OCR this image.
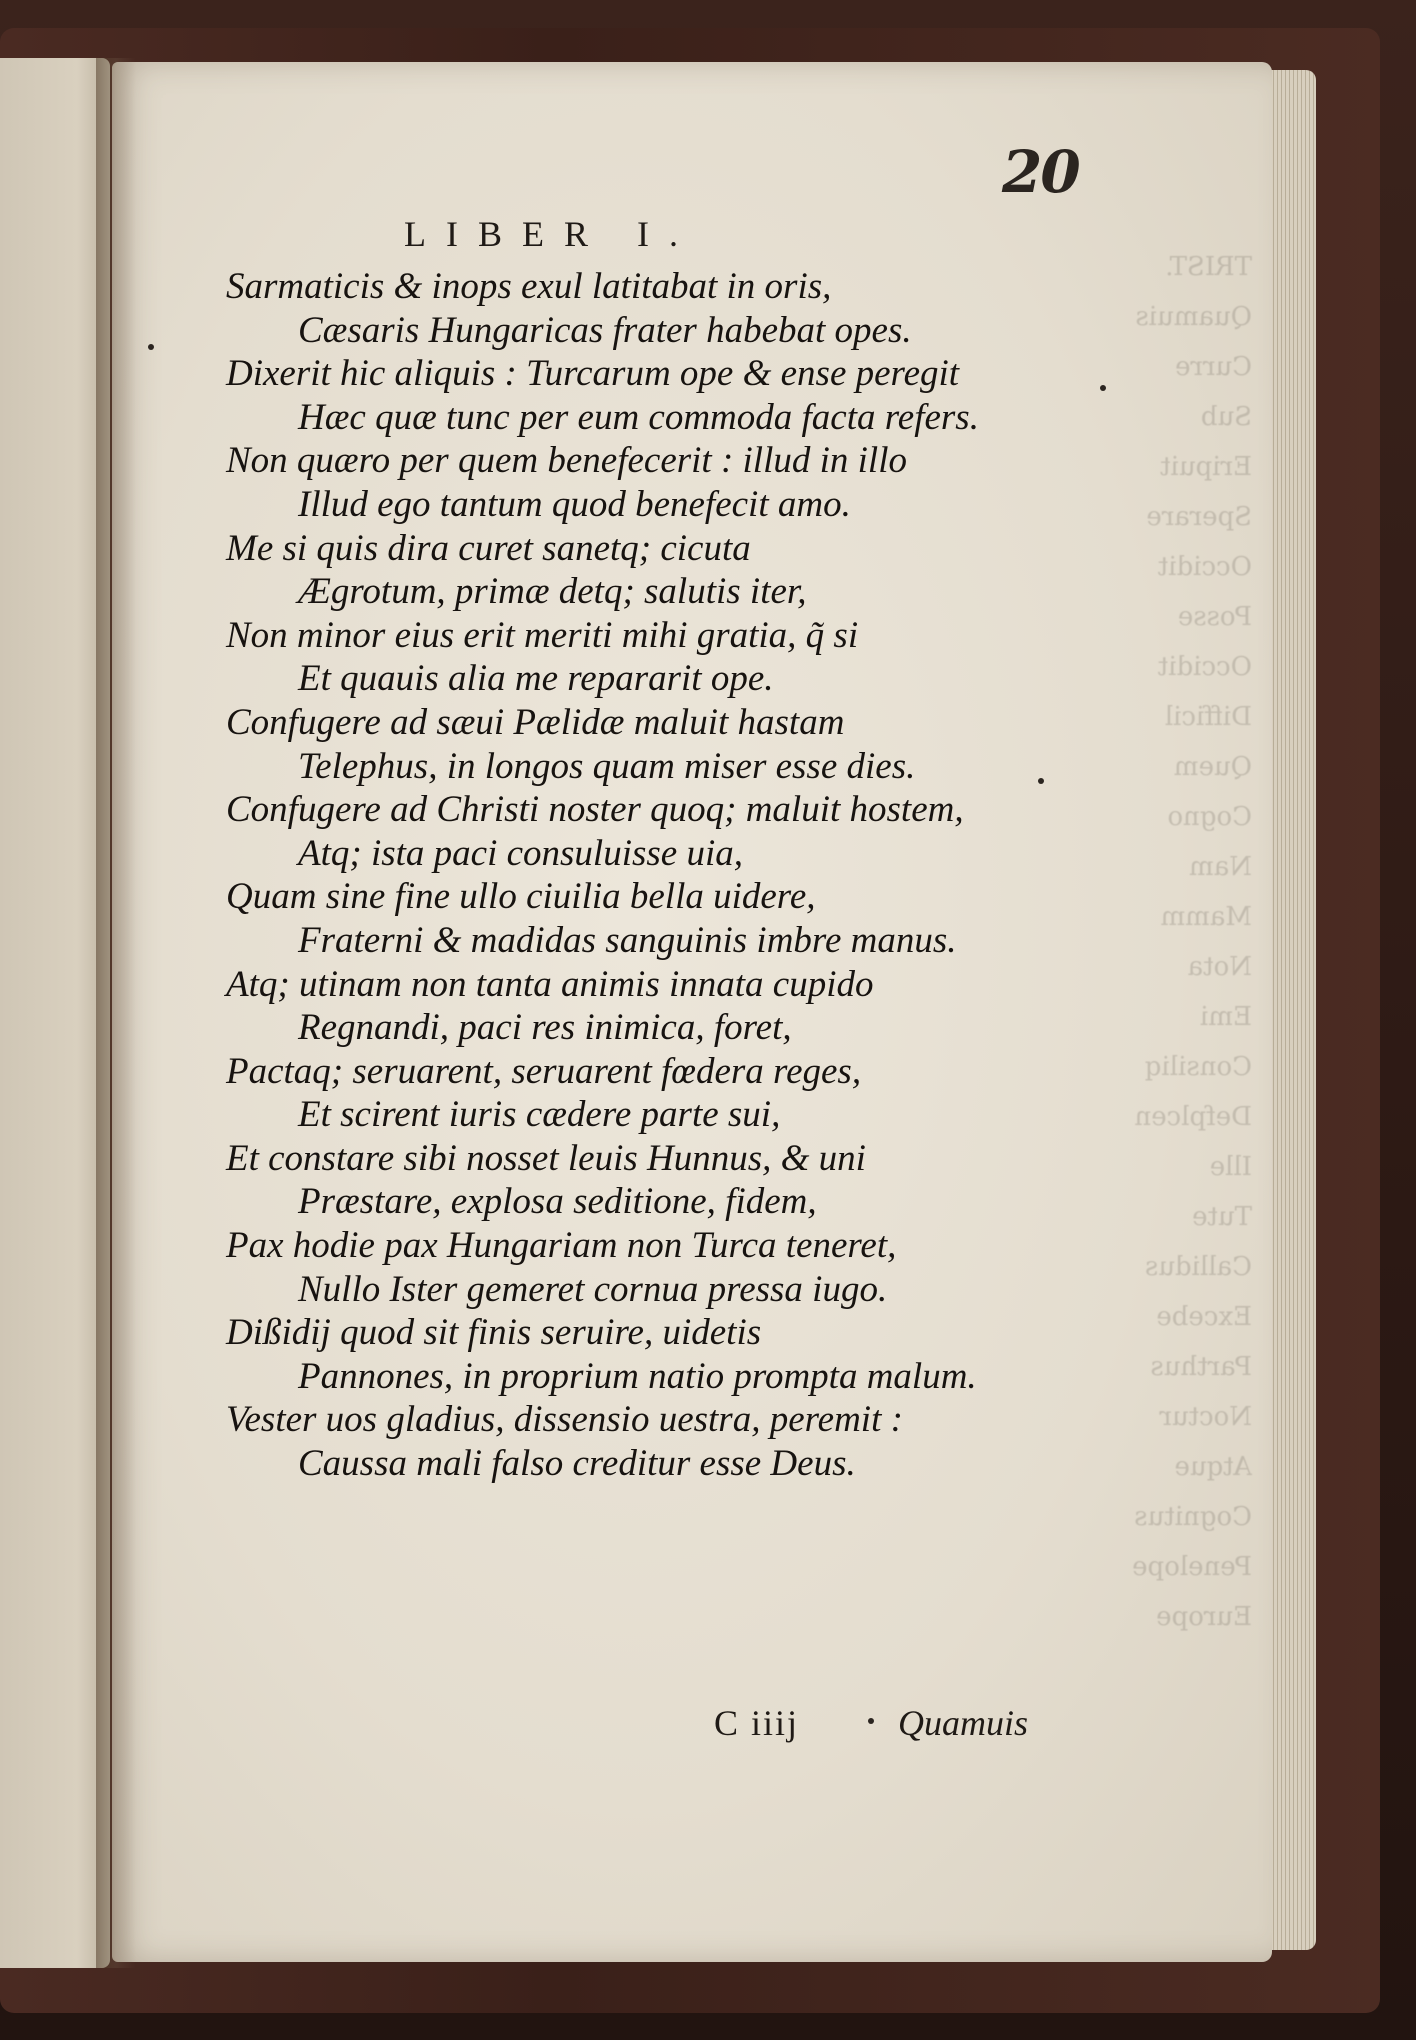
TRIST.
Quamuis
Curre
Sub
Eripuit
Sperare
Occidit
Posse
Occidit
Difficil
Quem
Cogno
Nam
Mamm
Nota
Emi
Consiliq
Defplcen
Ille
Tute
Callidus
Excebe
Parthus
Noctur
Atque
Cognitus
Penelope
Europe
20
LIBER I.
Sarmaticis & inops exul latitabat in oris,
Cæsaris Hungaricas frater habebat opes.
Dixerit hic aliquis : Turcarum ope & ense peregit
Hæc quæ tunc per eum commoda facta refers.
Non quæro per quem benefecerit : illud in illo
Illud ego tantum quod benefecit amo.
Me si quis dira curet sanetq; cicuta
Ægrotum, primæ detq; salutis iter,
Non minor eius erit meriti mihi gratia, q̃ si
Et quauis alia me repararit ope.
Confugere ad sæui Pælidæ maluit hastam
Telephus, in longos quam miser esse dies.
Confugere ad Christi noster quoq; maluit hostem,
Atq; ista paci consuluisse uia,
Quam sine fine ullo ciuilia bella uidere,
Fraterni & madidas sanguinis imbre manus.
Atq; utinam non tanta animis innata cupido
Regnandi, paci res inimica, foret,
Pactaq; seruarent, seruarent fœdera reges,
Et scirent iuris cædere parte sui,
Et constare sibi nosset leuis Hunnus, & uni
Præstare, explosa seditione, fidem,
Pax hodie pax Hungariam non Turca teneret,
Nullo Ister gemeret cornua pressa iugo.
Dißidij quod sit finis seruire, uidetis
Pannones, in proprium natio prompta malum.
Vester uos gladius, dissensio uestra, peremit :
Caussa mali falso creditur esse Deus.
C iiij	Quamuis
